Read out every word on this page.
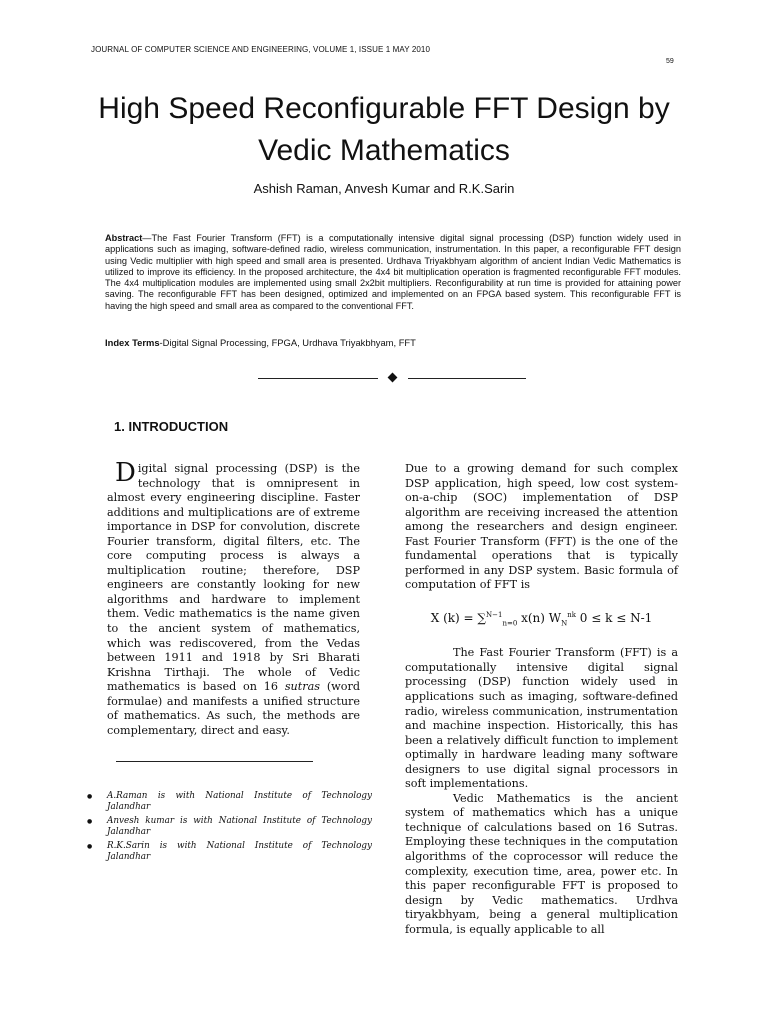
JOURNAL OF COMPUTER SCIENCE AND ENGINEERING, VOLUME 1, ISSUE 1 MAY 2010
59
High Speed Reconfigurable FFT Design by
Vedic Mathematics
Ashish Raman, Anvesh Kumar and R.K.Sarin

Abstract—The Fast Fourier Transform (FFT) is a computationally intensive digital signal processing (DSP) function widely used in applications such as imaging, software-defined radio, wireless communication, instrumentation. In this paper, a reconfigurable FFT design using Vedic multiplier with high speed and small area is presented. Urdhava Triyakbhyam algorithm of ancient Indian Vedic Mathematics is utilized to improve its efficiency. In the proposed architecture, the 4x4 bit multiplication operation is fragmented reconfigurable FFT modules. The 4x4 multiplication modules are implemented using small 2x2bit multipliers. Reconfigurability at run time is provided for attaining power saving. The reconfigurable FFT has been designed, optimized and implemented on an FPGA based system. This reconfigurable FFT is having the high speed and small area as compared to the conventional FFT.

Index Terms-Digital Signal Processing, FPGA, Urdhava Triyakbhyam, FFT
1. INTRODUCTION

Digital signal processing (DSP) is the technology that is omnipresent in almost every engineering discipline. Faster additions and multiplications are of extreme importance in DSP for convolution, discrete Fourier transform, digital filters, etc. The core computing process is always a multiplication routine; therefore, DSP engineers are constantly looking for new algorithms and hardware to implement them. Vedic mathematics is the name given to the ancient system of mathematics, which was rediscovered, from the Vedas between 1911 and 1918 by Sri Bharati Krishna Tirthaji. The whole of Vedic mathematics is based on 16 sutras (word formulae) and manifests a unified structure of mathematics. As such, the methods are complementary, direct and easy.

● A.Raman is with National Institute of Technology Jalandhar
● Anvesh kumar is with National Institute of Technology Jalandhar
● R.K.Sarin is with National Institute of Technology Jalandhar

Due to a growing demand for such complex DSP application, high speed, low cost system-on-a-chip (SOC) implementation of DSP algorithm are receiving increased the attention among the researchers and design engineer. Fast Fourier Transform (FFT) is the one of the fundamental operations that is typically performed in any DSP system. Basic formula of computation of FFT is

X (k) = ∑$^{N-1}_{n=0}$ x(n) $W_N^{nk}$ 0 ≤ k ≤ N-1

The Fast Fourier Transform (FFT) is a computationally intensive digital signal processing (DSP) function widely used in applications such as imaging, software-defined radio, wireless communication, instrumentation and machine inspection. Historically, this has been a relatively difficult function to implement optimally in hardware leading many software designers to use digital signal processors in soft implementations.

Vedic Mathematics is the ancient system of mathematics which has a unique technique of calculations based on 16 Sutras. Employing these techniques in the computation algorithms of the coprocessor will reduce the complexity, execution time, area, power etc. In this paper reconfigurable FFT is proposed to design by Vedic mathematics. Urdhva tiryakbhyam, being a general multiplication formula, is equally applicable to all
